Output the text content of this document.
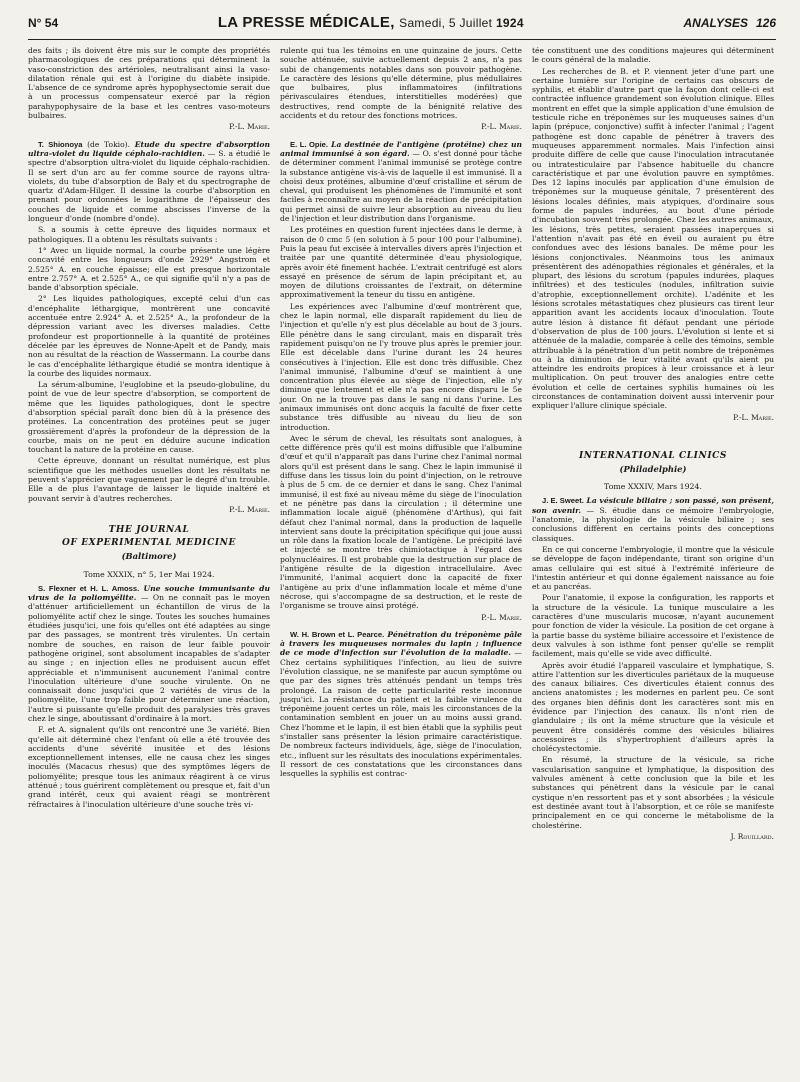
N° 54	LA PRESSE MÉDICALE, Samedi, 5 Juillet 1924	ANALYSES 126

des faits ; ils doivent être mis sur le compte des propriétés pharmacologiques de ces préparations qui déterminent la vaso-constriction des artérioles, neutralisant ainsi la vaso-dilatation rénale qui est à l'origine du diabète insipide. L'absence de ce syndrome après hypophysectomie serait due à un processus compensateur exercé par la région parahypophysaire de la base et les centres vaso-moteurs bulbaires.

P.-L. Marie.

T. Shionoya (de Tokio). Etude du spectre d'absorption ultra-violet du liquide céphalo-rachidien. — S. a étudié le spectre d'absorption ultra-violet du liquide céphalo-rachidien. Il se sert d'un arc au fer comme source de rayons ultra-violets, du tube d'absorption de Baly et du spectrographe de quartz d'Adam-Hilger. Il dessine la courbe d'absorption en prenant pour ordonnées le logarithme de l'épaisseur des couches de liquide et comme abscisses l'inverse de la longueur d'onde (nombre d'onde).

S. a soumis à cette épreuve des liquides normaux et pathologiques. Il a obtenu les résultats suivants :

1° Avec un liquide normal, la courbe présente une légère concavité entre les longueurs d'onde 2929° Angstrom et 2.525° A. en couche épaisse; elle est presque horizontale entre 2.757° A. et 2.525° A., ce qui signifie qu'il n'y a pas de bande d'absorption spéciale.

2° Les liquides pathologiques, excepté celui d'un cas d'encéphalite léthargique, montrèrent une concavité accentuée entre 2.924° A. et 2.525° A., la profondeur de la dépression variant avec les diverses maladies. Cette profondeur est proportionnelle à la quantité de protéines décelée par les épreuves de Nonne-Apelt et de Pandy, mais non au résultat de la réaction de Wassermann. La courbe dans le cas d'encéphalite léthargique étudié se montra identique à la courbe des liquides normaux.

La sérum-albumine, l'euglobine et la pseudo-globuline, du point de vue de leur spectre d'absorption, se comportent de même que les liquides pathologiques, dont le spectre d'absorption spécial paraît donc bien dû à la présence des protéines. La concentration des protéines peut se juger grossièrement d'après la profondeur de la dépression de la courbe, mais on ne peut en déduire aucune indication touchant la nature de la protéine en cause.

Cette épreuve, donnant un résultat numérique, est plus scientifique que les méthodes usuelles dont les résultats ne peuvent s'apprécier que vaguement par le degré d'un trouble. Elle a de plus l'avantage de laisser le liquide inaltéré et pouvant servir à d'autres recherches.

P.-L. Marie.
THE JOURNAL
OF EXPERIMENTAL MEDICINE
(Baltimore)
Tome XXXIX, n° 5, 1er Mai 1924.

S. Flexner et H. L. Amoss. Une souche immunisante du virus de la poliomyélite. — On ne connaît pas le moyen d'atténuer artificiellement un échantillon de virus de la poliomyélite actif chez le singe. Toutes les souches humaines étudiées jusqu'ici, une fois qu'elles ont été adaptées au singe par des passages, se montrent très virulentes. Un certain nombre de souches, en raison de leur faible pouvoir pathogène originel, sont absolument incapables de s'adapter au singe ; en injection elles ne produisent aucun effet appréciable et n'immunisent aucunement l'animal contre l'inoculation ultérieure d'une souche virulente. On ne connaissait donc jusqu'ici que 2 variétés de virus de la poliomyélite, l'une trop faible pour déterminer une réaction, l'autre si puissante qu'elle produit des paralysies très graves chez le singe, aboutissant d'ordinaire à la mort.

F. et A. signalent qu'ils ont rencontré une 3e variété. Bien qu'elle ait déterminé chez l'enfant où elle a été trouvée des accidents d'une sévérité inusitée et des lésions exceptionnellement intenses, elle ne causa chez les singes inoculés (Macacus rhesus) que des symptômes légers de poliomyélite; presque tous les animaux réagirent à ce virus atténué ; tous guérirent complètement ou presque et, fait d'un grand intérêt, ceux qui avaient réagi se montrèrent réfractaires à l'inoculation ultérieure d'une souche très vi-

rulente qui tua les témoins en une quinzaine de jours. Cette souche atténuée, suivie actuellement depuis 2 ans, n'a pas subi de changements notables dans son pouvoir pathogène. Le caractère des lésions qu'elle détermine, plus médullaires que bulbaires, plus inflammatoires (infiltrations périvasculaires étendues, interstitielles modérées) que destructives, rend compte de la bénignité relative des accidents et du retour des fonctions motrices.

P.-L. Marie.

E. L. Opie. La destinée de l'antigène (protéine) chez un animal immunisé à son égard. — O. s'est donné pour tâche de déterminer comment l'animal immunisé se protège contre la substance antigène vis-à-vis de laquelle il est immunisé. Il a choisi deux protéines, albumine d'œuf cristalline et sérum de cheval, qui produisent les phénomènes de l'immunité et sont faciles à reconnaître au moyen de la réaction de précipitation qui permet ainsi de suivre leur absorption au niveau du lieu de l'injection et leur distribution dans l'organisme.

Les protéines en question furent injectées dans le derme, à raison de 0 cmc 5 (en solution à 5 pour 100 pour l'albumine). Puis la peau fut excisée à intervalles divers après l'injection et traitée par une quantité déterminée d'eau physiologique, après avoir été finement hachée. L'extrait centrifugé est alors essayé en présence de sérum de lapin précipitant et, au moyen de dilutions croissantes de l'extrait, on détermine approximativement la teneur du tissu en antigène.

Les expériences avec l'albumine d'œuf montrèrent que, chez le lapin normal, elle disparaît rapidement du lieu de l'injection et qu'elle n'y est plus décelable au bout de 3 jours. Elle pénètre dans le sang circulant, mais en disparaît très rapidement puisqu'on ne l'y trouve plus après le premier jour. Elle est décelable dans l'urine durant les 24 heures consécutives à l'injection. Elle est donc très diffusible. Chez l'animal immunisé, l'albumine d'œuf se maintient à une concentration plus élevée au siège de l'injection, elle n'y diminue que lentement et elle n'a pas encore disparu le 5e jour. On ne la trouve pas dans le sang ni dans l'urine. Les animaux immunisés ont donc acquis la faculté de fixer cette substance très diffusible au niveau du lieu de son introduction.

Avec le sérum de cheval, les résultats sont analogues, à cette différence près qu'il est moins diffusible que l'albumine d'œuf et qu'il n'apparaît pas dans l'urine chez l'animal normal alors qu'il est présent dans le sang. Chez le lapin immunisé il diffuse dans les tissus loin du point d'injection, on le retrouve à plus de 5 cm. de ce dernier et dans le sang. Chez l'animal immunisé, il est fixé au niveau même du siège de l'inoculation et ne pénètre pas dans la circulation ; il détermine une inflammation locale aiguë (phénomène d'Arthus), qui fait défaut chez l'animal normal, dans la production de laquelle intervient sans doute la précipitation spécifique qui joue aussi un rôle dans la fixation locale de l'antigène. Le précipité lavé et injecté se montre très chimiotactique à l'égard des polynucléaires. Il est probable que la destruction sur place de l'antigène résulte de la digestion intracellulaire. Avec l'immunité, l'animal acquiert donc la capacité de fixer l'antigène au prix d'une inflammation locale et même d'une nécrose, qui s'accompagne de sa destruction, et le reste de l'organisme se trouve ainsi protégé.

P.-L. Marie.

W. H. Brown et L. Pearce. Pénétration du tréponème pâle à travers les muqueuses normales du lapin ; influence de ce mode d'infection sur l'évolution de la maladie. — Chez certains syphilitiques l'infection, au lieu de suivre l'évolution classique, ne se manifeste par aucun symptôme ou que par des signes très atténués pendant un temps très prolongé. La raison de cette particularité reste inconnue jusqu'ici. La résistance du patient et la faible virulence du tréponème jouent certes un rôle, mais les circonstances de la contamination semblent en jouer un au moins aussi grand. Chez l'homme et le lapin, il est bien établi que la syphilis peut s'installer sans présenter la lésion primaire caractéristique. De nombreux facteurs individuels, âge, siège de l'inoculation, etc., influent sur les résultats des inoculations expérimentales. Il ressort de ces constatations que les circonstances dans lesquelles la syphilis est contrac-

tée constituent une des conditions majeures qui déterminent le cours général de la maladie.

Les recherches de B. et P. viennent jeter d'une part une certaine lumière sur l'origine de certains cas obscurs de syphilis, et établir d'autre part que la façon dont celle-ci est contractée influence grandement son évolution clinique. Elles montrent en effet que la simple application d'une émulsion de testicule riche en tréponèmes sur les muqueuses saines d'un lapin (prépuce, conjonctive) suffit à infecter l'animal ; l'agent pathogène est donc capable de pénétrer à travers des muqueuses apparemment normales. Mais l'infection ainsi produite diffère de celle que cause l'inoculation intracutanée ou intratesticulaire par l'absence habituelle du chancre caractéristique et par une évolution pauvre en symptômes. Des 12 lapins inoculés par application d'une émulsion de tréponèmes sur la muqueuse génitale, 7 présentèrent des lésions locales définies, mais atypiques, d'ordinaire sous forme de papules indurées, au bout d'une période d'incubation souvent très prolongée. Chez les autres animaux, les lésions, très petites, seraient passées inaperçues si l'attention n'avait pas été en éveil ou auraient pu être confondues avec des lésions banales. De même pour les lésions conjonctivales. Néanmoins tous les animaux présentèrent des adénopathies régionales et générales, et la plupart, des lésions du scrotum (papules indurées, plaques infiltrées) et des testicules (nodules, infiltration suivie d'atrophie, exceptionnellement orchite). L'adénite et les lésions scrotales métastatiques chez plusieurs cas tirent leur apparition avant les accidents locaux d'inoculation. Toute autre lésion à distance fit défaut pendant une période d'observation de plus de 100 jours. L'évolution si lente et si atténuée de la maladie, comparée à celle des témoins, semble attribuable à la pénétration d'un petit nombre de tréponèmes ou à la diminution de leur vitalité avant qu'ils aient pu atteindre les endroits propices à leur croissance et à leur multiplication. On peut trouver des analogies entre cette évolution et celle de certaines syphilis humaines où les circonstances de contamination doivent aussi intervenir pour expliquer l'allure clinique spéciale.

P.-L. Marie.
INTERNATIONAL CLINICS
(Philadelphie)
Tome XXXIV, Mars 1924.

J. E. Sweet. La vésicule biliaire ; son passé, son présent, son avenir. — S. étudie dans ce mémoire l'embryologie, l'anatomie, la physiologie de la vésicule biliaire ; ses conclusions diffèrent en certains points des conceptions classiques.

En ce qui concerne l'embryologie, il montre que la vésicule se développe de façon indépendante, tirant son origine d'un amas cellulaire qui est situé à l'extrémité inférieure de l'intestin antérieur et qui donne également naissance au foie et au pancréas.

Pour l'anatomie, il expose la configuration, les rapports et la structure de la vésicule. La tunique musculaire a les caractères d'une muscularis mucosæ, n'ayant aucunement pour fonction de vider la vésicule. La position de cet organe à la partie basse du système biliaire accessoire et l'existence de deux valvules à son isthme font penser qu'elle se remplit facilement, mais qu'elle se vide avec difficulté.

Après avoir étudié l'appareil vasculaire et lymphatique, S. attire l'attention sur les diverticules pariétaux de la muqueuse des canaux biliaires. Ces diverticules étaient connus des anciens anatomistes ; les modernes en parlent peu. Ce sont des organes bien définis dont les caractères sont mis en évidence par l'injection des canaux. Ils n'ont rien de glandulaire ; ils ont la même structure que la vésicule et peuvent être considérés comme des vésicules biliaires accessoires ; ils s'hypertrophient d'ailleurs après la cholécystectomie.

En résumé, la structure de la vésicule, sa riche vascularisation sanguine et lymphatique, la disposition des valvules amènent à cette conclusion que la bile et les substances qui pénètrent dans la vésicule par le canal cystique n'en ressortent pas et y sont absorbées ; la vésicule est destinée avant tout à l'absorption, et ce rôle se manifeste principalement en ce qui concerne le métabolisme de la cholestérine.

J. Rouillard.
